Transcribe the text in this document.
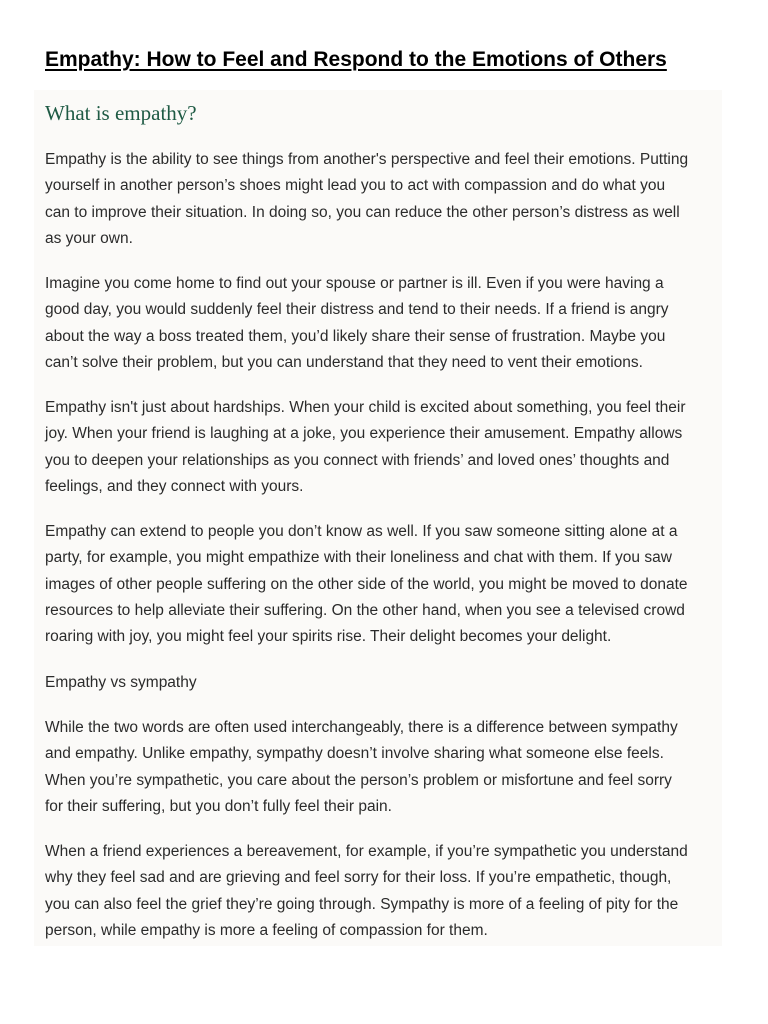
Empathy: How to Feel and Respond to the Emotions of Others
What is empathy?

Empathy is the ability to see things from another's perspective and feel their emotions. Putting
yourself in another person’s shoes might lead you to act with compassion and do what you
can to improve their situation. In doing so, you can reduce the other person’s distress as well
as your own.

Imagine you come home to find out your spouse or partner is ill. Even if you were having a
good day, you would suddenly feel their distress and tend to their needs. If a friend is angry
about the way a boss treated them, you’d likely share their sense of frustration. Maybe you
can’t solve their problem, but you can understand that they need to vent their emotions.

Empathy isn't just about hardships. When your child is excited about something, you feel their
joy. When your friend is laughing at a joke, you experience their amusement. Empathy allows
you to deepen your relationships as you connect with friends’ and loved ones’ thoughts and
feelings, and they connect with yours.

Empathy can extend to people you don’t know as well. If you saw someone sitting alone at a
party, for example, you might empathize with their loneliness and chat with them. If you saw
images of other people suffering on the other side of the world, you might be moved to donate
resources to help alleviate their suffering. On the other hand, when you see a televised crowd
roaring with joy, you might feel your spirits rise. Their delight becomes your delight.

Empathy vs sympathy

While the two words are often used interchangeably, there is a difference between sympathy
and empathy. Unlike empathy, sympathy doesn’t involve sharing what someone else feels.
When you’re sympathetic, you care about the person’s problem or misfortune and feel sorry
for their suffering, but you don’t fully feel their pain.

When a friend experiences a bereavement, for example, if you’re sympathetic you understand
why they feel sad and are grieving and feel sorry for their loss. If you’re empathetic, though,
you can also feel the grief they’re going through. Sympathy is more of a feeling of pity for the
person, while empathy is more a feeling of compassion for them.
